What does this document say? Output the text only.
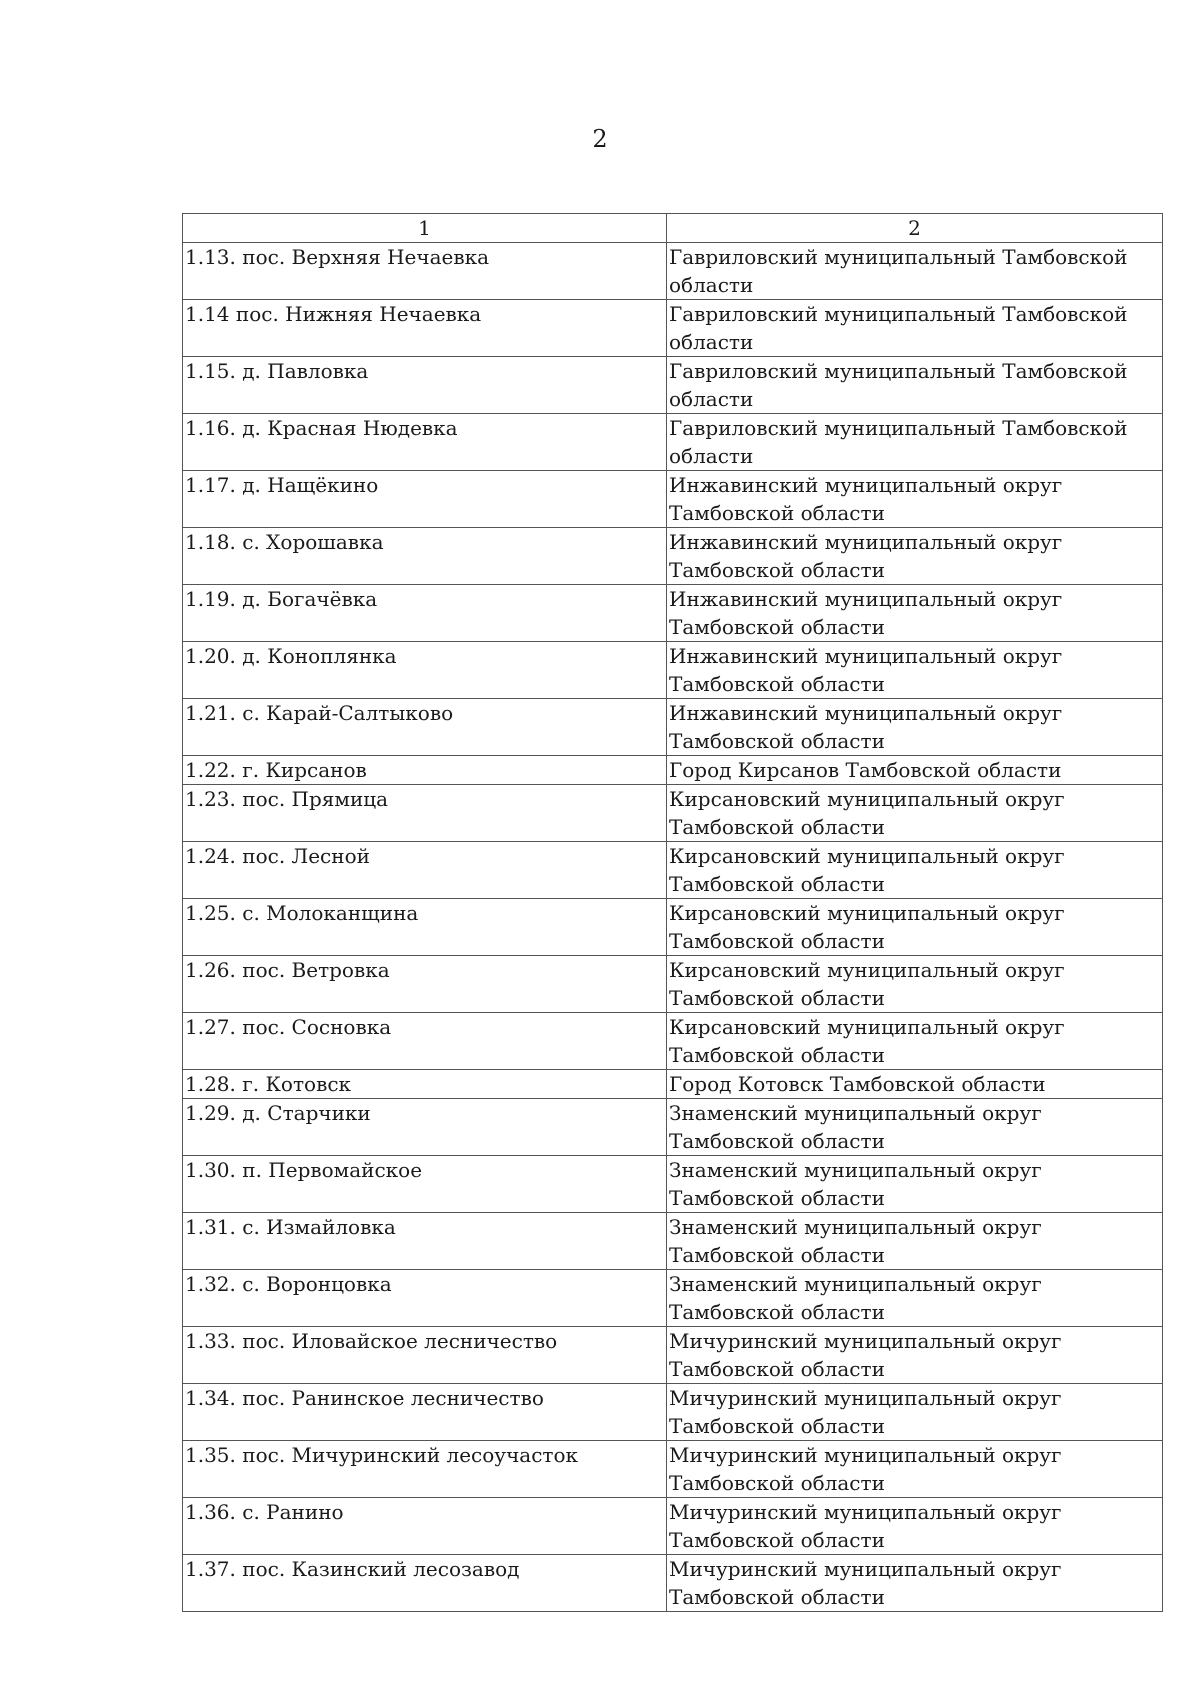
2
1	2
1.13. пос. Верхняя Нечаевка	Гавриловский муниципальный Тамбовской области
1.14 пос. Нижняя Нечаевка	Гавриловский муниципальный Тамбовской области
1.15. д. Павловка	Гавриловский муниципальный Тамбовской области
1.16. д. Красная Нюдевка	Гавриловский муниципальный Тамбовской области
1.17. д. Нащёкино	Инжавинский муниципальный округ Тамбовской области
1.18. с. Хорошавка	Инжавинский муниципальный округ Тамбовской области
1.19. д. Богачёвка	Инжавинский муниципальный округ Тамбовской области
1.20. д. Коноплянка	Инжавинский муниципальный округ Тамбовской области
1.21. с. Карай-Салтыково	Инжавинский муниципальный округ Тамбовской области
1.22. г. Кирсанов	Город Кирсанов Тамбовской области
1.23. пос. Прямица	Кирсановский муниципальный округ Тамбовской области
1.24. пос. Лесной	Кирсановский муниципальный округ Тамбовской области
1.25. с. Молоканщина	Кирсановский муниципальный округ Тамбовской области
1.26. пос. Ветровка	Кирсановский муниципальный округ Тамбовской области
1.27. пос. Сосновка	Кирсановский муниципальный округ Тамбовской области
1.28. г. Котовск	Город Котовск Тамбовской области
1.29. д. Старчики	Знаменский муниципальный округ Тамбовской области
1.30. п. Первомайское	Знаменский муниципальный округ Тамбовской области
1.31. с. Измайловка	Знаменский муниципальный округ Тамбовской области
1.32. с. Воронцовка	Знаменский муниципальный округ Тамбовской области
1.33. пос. Иловайское лесничество	Мичуринский муниципальный округ Тамбовской области
1.34. пос. Ранинское лесничество	Мичуринский муниципальный округ Тамбовской области
1.35. пос. Мичуринский лесоучасток	Мичуринский муниципальный округ Тамбовской области
1.36. с. Ранино	Мичуринский муниципальный округ Тамбовской области
1.37. пос. Казинский лесозавод	Мичуринский муниципальный округ Тамбовской области
